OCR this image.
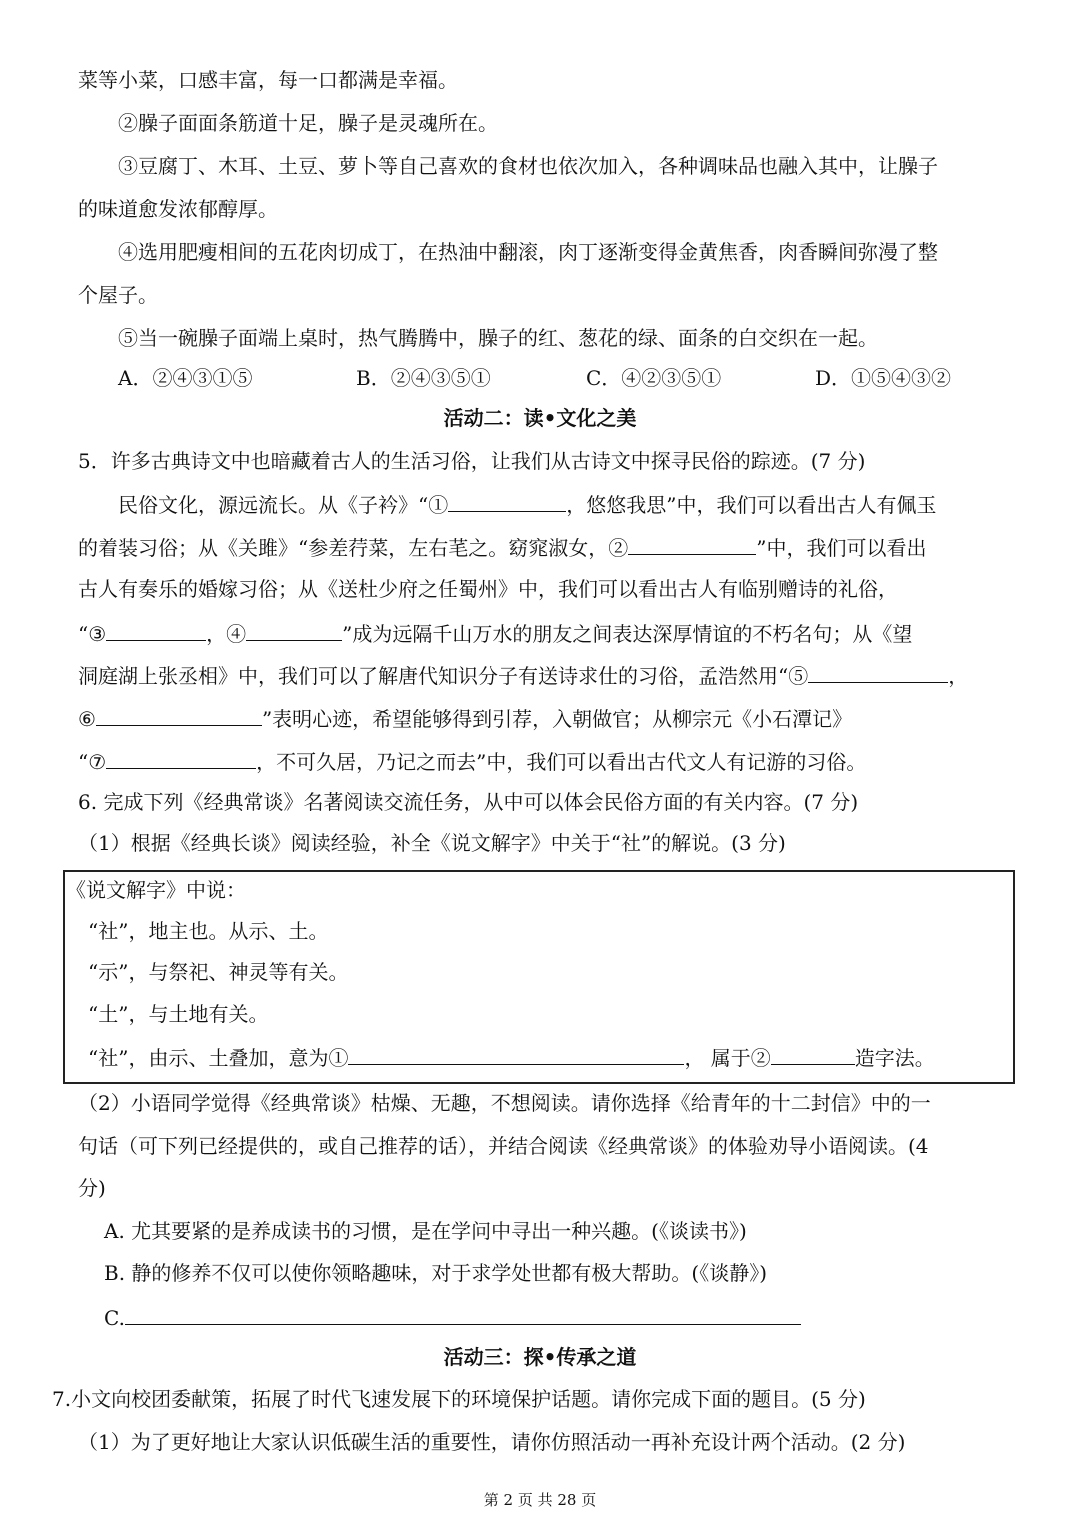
菜等小菜，口感丰富，每一口都满是幸福。
②臊子面面条筋道十足，臊子是灵魂所在。
③豆腐丁、木耳、土豆、萝卜等自己喜欢的食材也依次加入，各种调味品也融入其中，让臊子
的味道愈发浓郁醇厚。
④选用肥瘦相间的五花肉切成丁，在热油中翻滚，肉丁逐渐变得金黄焦香，肉香瞬间弥漫了整
个屋子。
⑤当一碗臊子面端上桌时，热气腾腾中，臊子的红、葱花的绿、面条的白交织在一起。
A．②④③①⑤	B．②④③⑤①	C．④②③⑤①	D．①⑤④③②
活动二：读•文化之美
5．许多古典诗文中也暗藏着古人的生活习俗，让我们从古诗文中探寻民俗的踪迹。(7 分)
民俗文化，源远流长。从《子衿》“①	，悠悠我思”中，我们可以看出古人有佩玉
的着装习俗；从《关雎》“参差荇菜，左右芼之。窈窕淑女，②	”中，我们可以看出
古人有奏乐的婚嫁习俗；从《送杜少府之任蜀州》中，我们可以看出古人有临别赠诗的礼俗，
“③	，④	”成为远隔千山万水的朋友之间表达深厚情谊的不朽名句；从《望
洞庭湖上张丞相》中，我们可以了解唐代知识分子有送诗求仕的习俗，孟浩然用“⑤	，
⑥	”表明心迹，希望能够得到引荐，入朝做官；从柳宗元《小石潭记》
“⑦	，不可久居，乃记之而去”中，我们可以看出古代文人有记游的习俗。
6. 完成下列《经典常谈》名著阅读交流任务，从中可以体会民俗方面的有关内容。(7 分)
（1）根据《经典长谈》阅读经验，补全《说文解字》中关于“社”的解说。(3 分)
《说文解字》中说：
“社”，地主也。从示、土。
“示”，与祭祀、神灵等有关。
“土”，与土地有关。
“社”，由示、土叠加，意为①	， 属于②	造字法。
（2）小语同学觉得《经典常谈》枯燥、无趣，不想阅读。请你选择《给青年的十二封信》中的一
句话（可下列已经提供的，或自己推荐的话），并结合阅读《经典常谈》的体验劝导小语阅读。(4
分)
A. 尤其要紧的是养成读书的习惯，是在学问中寻出一种兴趣。(《谈读书》)
B. 静的修养不仅可以使你领略趣味，对于求学处世都有极大帮助。(《谈静》)
C.
活动三：探•传承之道
7.小文向校团委献策，拓展了时代飞速发展下的环境保护话题。请你完成下面的题目。(5 分)
（1）为了更好地让大家认识低碳生活的重要性，请你仿照活动一再补充设计两个活动。(2 分)
第 2 页 共 28 页
